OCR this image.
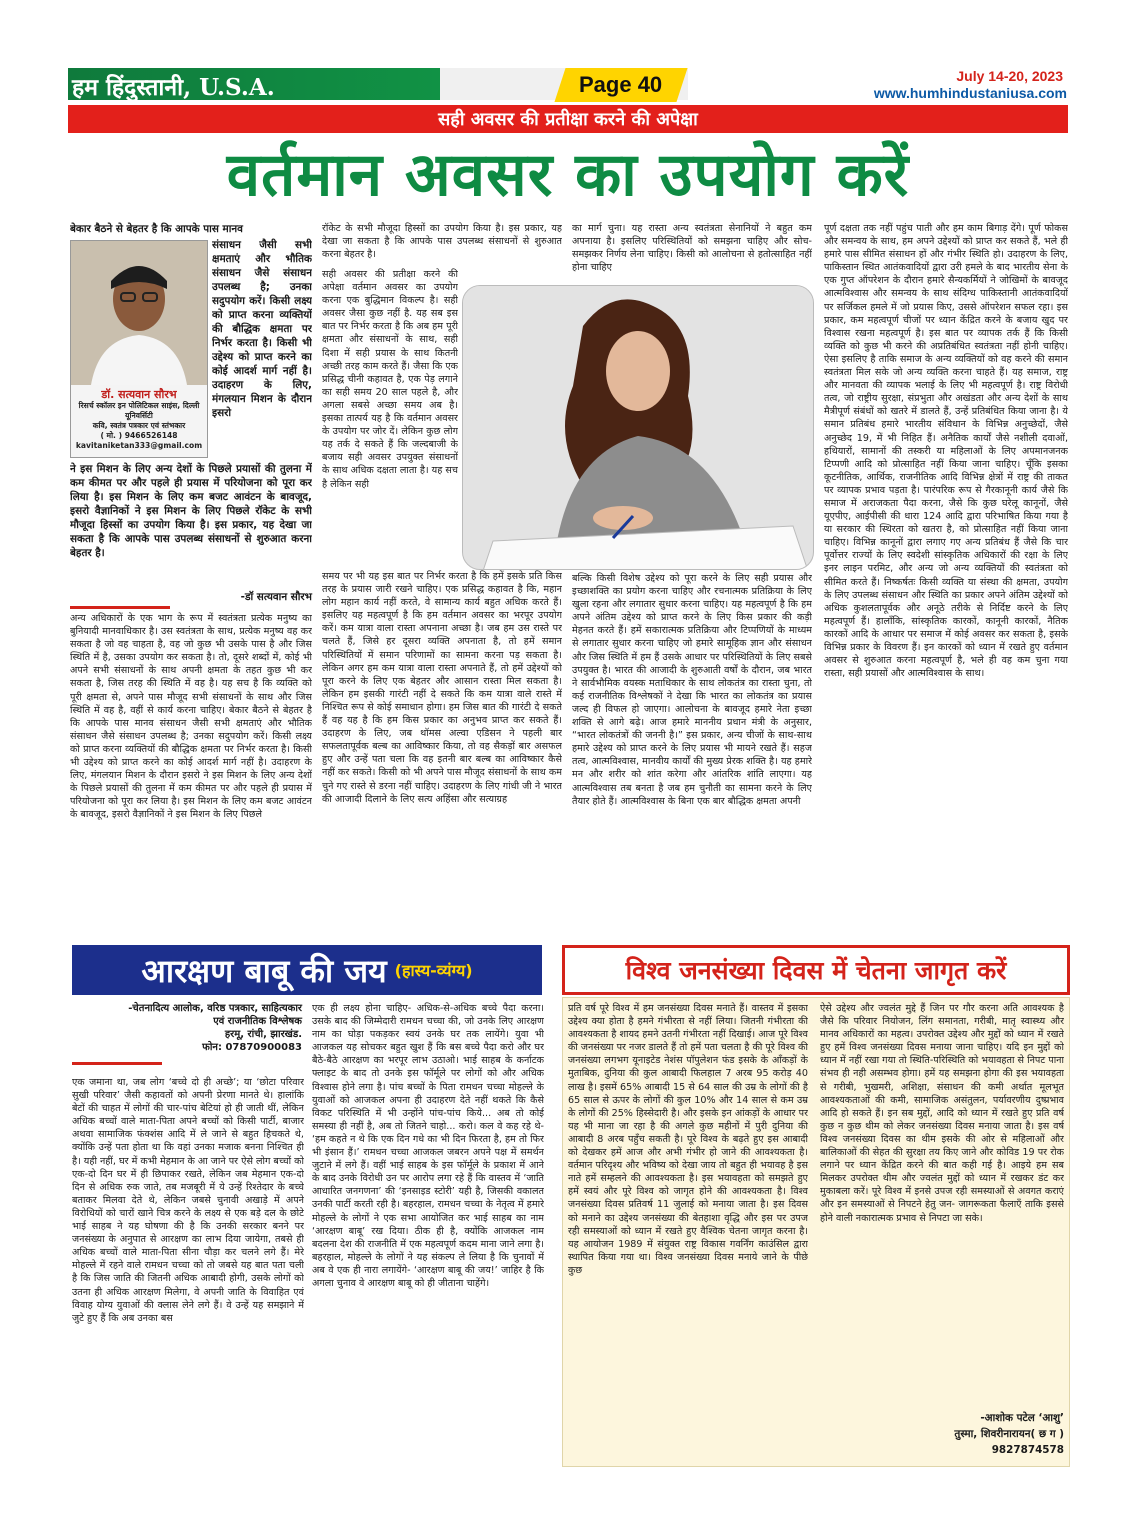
हम हिंदुस्तानी, U.S.A.	Page 40	July 14-20, 2023
www.humhindustaniusa.com
सही अवसर की प्रतीक्षा करने की अपेक्षा
वर्तमान अवसर का उपयोग करें
बेकार बैठने से बेहतर है कि आपके पास मानव
डॉ. सत्यवान सौरभ
रिसर्च स्कॉलर इन पोलिटिकल साइंस, दिल्ली यूनिवर्सिटी
कवि, स्वतंत्र पत्रकार एवं स्तंभकार
( मो. ) 9466526148
kavitaniketan333@gmail.com
संसाधन जैसी सभी क्षमताएं और भौतिक संसाधन जैसे संसाधन उपलब्ध है; उनका सदुपयोग करें। किसी लक्ष्य को प्राप्त करना व्यक्तियों की बौद्धिक क्षमता पर निर्भर करता है। किसी भी उद्देश्य को प्राप्त करने का कोई आदर्श मार्ग नहीं है। उदाहरण के लिए, मंगलयान मिशन के दौरान इसरो
ने इस मिशन के लिए अन्य देशों के पिछले प्रयासों की तुलना में कम कीमत पर और पहले ही प्रयास में परियोजना को पूरा कर लिया है। इस मिशन के लिए कम बजट आवंटन के बावजूद, इसरो वैज्ञानिकों ने इस मिशन के लिए पिछले रॉकेट के सभी मौजूदा हिस्सों का उपयोग किया है। इस प्रकार, यह देखा जा सकता है कि आपके पास उपलब्ध संसाधनों से शुरुआत करना बेहतर है।
-डॉ सत्यवान सौरभ
अन्य अधिकारों के एक भाग के रूप में स्वतंत्रता प्रत्येक मनुष्य का बुनियादी मानवाधिकार है। उस स्वतंत्रता के साथ, प्रत्येक मनुष्य वह कर सकता है जो वह चाहता है, वह जो कुछ भी उसके पास है और जिस स्थिति में है, उसका उपयोग कर सकता है। तो, दूसरे शब्दों में, कोई भी अपने सभी संसाधनों के साथ अपनी क्षमता के तहत कुछ भी कर सकता है, जिस तरह की स्थिति में वह है। यह सच है कि व्यक्ति को पूरी क्षमता से, अपने पास मौजूद सभी संसाधनों के साथ और जिस स्थिति में वह है, वहीं से कार्य करना चाहिए। बेकार बैठने से बेहतर है कि आपके पास मानव संसाधन जैसी सभी क्षमताएं और भौतिक संसाधन जैसे संसाधन उपलब्ध है; उनका सदुपयोग करें। किसी लक्ष्य को प्राप्त करना व्यक्तियों की बौद्धिक क्षमता पर निर्भर करता है। किसी भी उद्देश्य को प्राप्त करने का कोई आदर्श मार्ग नहीं है। उदाहरण के लिए, मंगलयान मिशन के दौरान इसरो ने इस मिशन के लिए अन्य देशों के पिछले प्रयासों की तुलना में कम कीमत पर और पहले ही प्रयास में परियोजना को पूरा कर लिया है। इस मिशन के लिए कम बजट आवंटन के बावजूद, इसरो वैज्ञानिकों ने इस मिशन के लिए पिछले
रॉकेट के सभी मौजूदा हिस्सों का उपयोग किया है। इस प्रकार, यह देखा जा सकता है कि आपके पास उपलब्ध संसाधनों से शुरुआत करना बेहतर है।
सही अवसर की प्रतीक्षा करने की अपेक्षा वर्तमान अवसर का उपयोग करना एक बुद्धिमान विकल्प है। सही अवसर जैसा कुछ नहीं है. यह सब इस बात पर निर्भर करता है कि अब हम पूरी क्षमता और संसाधनों के साथ, सही दिशा में सही प्रयास के साथ कितनी अच्छी तरह काम करते हैं। जैसा कि एक प्रसिद्ध चीनी कहावत है, एक पेड़ लगाने का सही समय 20 साल पहले है, और अगला सबसे अच्छा समय अब है। इसका तात्पर्य यह है कि वर्तमान अवसर के उपयोग पर जोर दें। लेकिन कुछ लोग यह तर्क दे सकते हैं कि जल्दबाजी के बजाय सही अवसर उपयुक्त संसाधनों के साथ अधिक दक्षता लाता है। यह सच है लेकिन सही
समय पर भी यह इस बात पर निर्भर करता है कि हमें इसके प्रति किस तरह के प्रयास जारी रखने चाहिए। एक प्रसिद्ध कहावत है कि, महान लोग महान कार्य नहीं करते, वे सामान्य कार्य बहुत अधिक करते हैं। इसलिए यह महत्वपूर्ण है कि हम वर्तमान अवसर का भरपूर उपयोग करें। कम यात्रा वाला रास्ता अपनाना अच्छा है। जब हम उस रास्ते पर चलते हैं, जिसे हर दूसरा व्यक्ति अपनाता है, तो हमें समान परिस्थितियों में समान परिणामों का सामना करना पड़ सकता है। लेकिन अगर हम कम यात्रा वाला रास्ता अपनाते हैं, तो हमें उद्देश्यों को पूरा करने के लिए एक बेहतर और आसान रास्ता मिल सकता है। लेकिन हम इसकी गारंटी नहीं दे सकते कि कम यात्रा वाले रास्ते में निश्चित रूप से कोई समाधान होगा। हम जिस बात की गारंटी दे सकते हैं वह यह है कि हम किस प्रकार का अनुभव प्राप्त कर सकते हैं। उदाहरण के लिए, जब थॉमस अल्वा एडिसन ने पहली बार सफलतापूर्वक बल्ब का आविष्कार किया, तो वह सैकड़ों बार असफल हुए और उन्हें पता चला कि वह इतनी बार बल्ब का आविष्कार कैसे नहीं कर सकते। किसी को भी अपने पास मौजूद संसाधनों के साथ कम चुने गए रास्ते से डरना नहीं चाहिए। उदाहरण के लिए गांधी जी ने भारत की आजादी दिलाने के लिए सत्य अहिंसा और सत्याग्रह
का मार्ग चुना। यह रास्ता अन्य स्वतंत्रता सेनानियों ने बहुत कम अपनाया है। इसलिए परिस्थितियों को समझना चाहिए और सोच-समझकर निर्णय लेना चाहिए। किसी को आलोचना से हतोत्साहित नहीं होना चाहिए
बल्कि किसी विशेष उद्देश्य को पूरा करने के लिए सही प्रयास और इच्छाशक्ति का प्रयोग करना चाहिए और रचनात्मक प्रतिक्रिया के लिए खुला रहना और लगातार सुधार करना चाहिए। यह महत्वपूर्ण है कि हम अपने अंतिम उद्देश्य को प्राप्त करने के लिए किस प्रकार की कड़ी मेहनत करते हैं। हमें सकारात्मक प्रतिक्रिया और टिप्पणियों के माध्यम से लगातार सुधार करना चाहिए जो हमारे सामूहिक ज्ञान और संसाधन और जिस स्थिति में हम हैं उसके आधार पर परिस्थितियों के लिए सबसे उपयुक्त है। भारत की आजादी के शुरुआती वर्षों के दौरान, जब भारत ने सार्वभौमिक वयस्क मताधिकार के साथ लोकतंत्र का रास्ता चुना, तो कई राजनीतिक विश्लेषकों ने देखा कि भारत का लोकतंत्र का प्रयास जल्द ही विफल हो जाएगा। आलोचना के बावजूद हमारे नेता इच्छा शक्ति से आगे बढ़े। आज हमारे माननीय प्रधान मंत्री के अनुसार, “भारत लोकतंत्रों की जननी है।” इस प्रकार, अन्य चीजों के साथ-साथ हमारे उद्देश्य को प्राप्त करने के लिए प्रयास भी मायने रखते हैं। सहज तत्व, आत्मविश्वास, मानवीय कार्यों की मुख्य प्रेरक शक्ति है। यह हमारे मन और शरीर को शांत करेगा और आंतरिक शांति लाएगा। यह आत्मविश्वास तब बनता है जब हम चुनौती का सामना करने के लिए तैयार होते हैं। आत्मविश्वास के बिना एक बार बौद्धिक क्षमता अपनी
पूर्ण दक्षता तक नहीं पहुंच पाती और हम काम बिगाड़ देंगे। पूर्ण फोकस और समन्वय के साथ, हम अपने उद्देश्यों को प्राप्त कर सकते हैं, भले ही हमारे पास सीमित संसाधन हों और गंभीर स्थिति हो। उदाहरण के लिए, पाकिस्तान स्थित आतंकवादियों द्वारा उरी हमले के बाद भारतीय सेना के एक गुप्त ऑपरेशन के दौरान हमारे सैन्यकर्मियों ने जोखिमों के बावजूद आत्मविश्वास और समन्वय के साथ संदिग्ध पाकिस्तानी आतंकवादियों पर सर्जिकल हमले में जो प्रयास किए, उससे ऑपरेशन सफल रहा। इस प्रकार, कम महत्वपूर्ण चीजों पर ध्यान केंद्रित करने के बजाय खुद पर विश्वास रखना महत्वपूर्ण है। इस बात पर व्यापक तर्क हैं कि किसी व्यक्ति को कुछ भी करने की अप्रतिबंधित स्वतंत्रता नहीं होनी चाहिए। ऐसा इसलिए है ताकि समाज के अन्य व्यक्तियों को वह करने की समान स्वतंत्रता मिल सके जो अन्य व्यक्ति करना चाहते हैं। यह समाज, राष्ट्र और मानवता की व्यापक भलाई के लिए भी महत्वपूर्ण है। राष्ट्र विरोधी तत्व, जो राष्ट्रीय सुरक्षा, संप्रभुता और अखंडता और अन्य देशों के साथ मैत्रीपूर्ण संबंधों को खतरे में डालते हैं, उन्हें प्रतिबंधित किया जाना है। ये समान प्रतिबंध हमारे भारतीय संविधान के विभिन्न अनुच्छेदों, जैसे अनुच्छेद 19, में भी निहित हैं। अनैतिक कार्यों जैसे नशीली दवाओं, हथियारों, सामानों की तस्करी या महिलाओं के लिए अपमानजनक टिप्पणी आदि को प्रोत्साहित नहीं किया जाना चाहिए। चूँकि इसका कूटनीतिक, आर्थिक, राजनीतिक आदि विभिन्न क्षेत्रों में राष्ट्र की ताकत पर व्यापक प्रभाव पड़ता है। पारंपरिक रूप से गैरकानूनी कार्य जैसे कि समाज में अराजकता पैदा करना, जैसे कि कुछ घरेलू कानूनों, जैसे यूएपीए, आईपीसी की धारा 124 आदि द्वारा परिभाषित किया गया है या सरकार की स्थिरता को खतरा है, को प्रोत्साहित नहीं किया जाना चाहिए। विभिन्न कानूनों द्वारा लगाए गए अन्य प्रतिबंध हैं जैसे कि चार पूर्वोत्तर राज्यों के लिए स्वदेशी सांस्कृतिक अधिकारों की रक्षा के लिए इनर लाइन परमिट, और अन्य जो अन्य व्यक्तियों की स्वतंत्रता को सीमित करते हैं। निष्कर्षतः किसी व्यक्ति या संस्था की क्षमता, उपयोग के लिए उपलब्ध संसाधन और स्थिति का प्रकार अपने अंतिम उद्देश्यों को अधिक कुशलतापूर्वक और अनूठे तरीके से निर्दिष्ट करने के लिए महत्वपूर्ण हैं। हालाँकि, सांस्कृतिक कारकों, कानूनी कारकों, नैतिक कारकों आदि के आधार पर समाज में कोई अवसर कर सकता है, इसके विभिन्न प्रकार के विवरण हैं। इन कारकों को ध्यान में रखते हुए वर्तमान अवसर से शुरुआत करना महत्वपूर्ण है, भले ही वह कम चुना गया रास्ता, सही प्रयासों और आत्मविश्वास के साथ।
आरक्षण बाबू की जय (हास्य-व्यंग्य)
-चेतनादित्य आलोक, वरिष्ठ पत्रकार, साहित्यकार
एवं राजनीतिक विश्लेषक
हरमू, रांची, झारखंड.
फोन: 07870900083
एक जमाना था, जब लोग ‘बच्चे दो ही अच्छे’; या ‘छोटा परिवार सुखी परिवार’ जैसी कहावतों को अपनी प्रेरणा मानते थे। हालांकि बेटों की चाहत में लोगों की चार-पांच बेटियां हो ही जाती थीं, लेकिन अधिक बच्चों वाले माता-पिता अपने बच्चों को किसी पार्टी, बाजार अथवा सामाजिक फंक्शंस आदि में ले जाने से बहुत हिचकते थे, क्योंकि उन्हें पता होता था कि वहां उनका मजाक बनना निश्चित ही है। यही नहीं, घर में कभी मेहमान के आ जाने पर ऐसे लोग बच्चों को एक-दो दिन घर में ही छिपाकर रखते, लेकिन जब मेहमान एक-दो दिन से अधिक रुक जाते, तब मजबूरी में ये उन्हें रिश्तेदार के बच्चे बताकर मिलवा देते थे, लेकिन जबसे चुनावी अखाड़े में अपने विरोधियों को चारों खाने चित्र करने के लक्ष्य से एक बड़े दल के छोटे भाई साहब ने यह घोषणा की है कि उनकी सरकार बनने पर जनसंख्या के अनुपात से आरक्षण का लाभ दिया जायेगा, तबसे ही अधिक बच्चों वाले माता-पिता सीना चौड़ा कर चलने लगे हैं। मेरे मोहल्ले में रहने वाले रामधन चच्चा को तो जबसे यह बात पता चली है कि जिस जाति की जितनी अधिक आबादी होगी, उसके लोगों को उतना ही अधिक आरक्षण मिलेगा, वे अपनी जाति के विवाहित एवं विवाह योग्य युवाओं की क्लास लेने लगे हैं। वे उन्हें यह समझाने में जुटे हुए हैं कि अब उनका बस
एक ही लक्ष्य होना चाहिए- अधिक-से-अधिक बच्चे पैदा करना। उसके बाद की जिम्मेदारी रामधन चच्चा की, जो उनके लिए आरक्षण नाम का घोड़ा पकड़कर स्वयं उनके घर तक लायेंगे। युवा भी आजकल यह सोचकर बहुत खुश हैं कि बस बच्चे पैदा करो और घर बैठे-बैठे आरक्षण का भरपूर लाभ उठाओ। भाई साहब के कर्नाटक फ्लाइट के बाद तो उनके इस फॉर्मूले पर लोगों को और अधिक विश्वास होने लगा है। पांच बच्चों के पिता रामधन चच्चा मोहल्ले के युवाओं को आजकल अपना ही उदाहरण देते नहीं थकते कि कैसे विकट परिस्थिति में भी उन्होंने पांच-पांच किये... अब तो कोई समस्या ही नहीं है, अब तो जितने चाहो... करो। कल वे कह रहे थे- ‘हम कहते न थे कि एक दिन गधे का भी दिन फिरता है, हम तो फिर भी इंसान हैं।’ रामधन चच्चा आजकल जबरन अपने पक्ष में समर्थन जुटाने में लगे हैं। वहीं भाई साहब के इस फॉर्मूले के प्रकाश में आने के बाद उनके विरोधी उन पर आरोप लगा रहे हैं कि वास्तव में ‘जाति आधारित जनगणना’ की ‘इनसाइड स्टोरी’ यही है, जिसकी वकालत उनकी पार्टी करती रही है। बहरहाल, रामधन चच्चा के नेतृत्व में हमारे मोहल्ले के लोगों ने एक सभा आयोजित कर भाई साहब का नाम ‘आरक्षण बाबू’ रख दिया। ठीक ही है, क्योंकि आजकल नाम बदलना देश की राजनीति में एक महत्वपूर्ण कदम माना जाने लगा है। बहरहाल, मोहल्ले के लोगों ने यह संकल्प ले लिया है कि चुनावों में अब वे एक ही नारा लगायेंगे- ‘आरक्षण बाबू की जय!’ जाहिर है कि अगला चुनाव वे आरक्षण बाबू को ही जीताना चाहेंगे।
विश्व जनसंख्या दिवस में चेतना जागृत करें
प्रति वर्ष पूरे विश्व में हम जनसंख्या दिवस मनाते हैं। वास्तव में इसका उद्देश्य क्या होता है हमने गंभीरता से नहीं लिया। जितनी गंभीरता की आवश्यकता है शायद हमने उतनी गंभीरता नहीं दिखाई। आज पूरे विश्व की जनसंख्या पर नजर डालते हैं तो हमें पता चलता है की पूरे विश्व की जनसंख्या लगभग यूनाइटेड नेशंस पॉपुलेशन फंड इसके के आँकड़ों के मुताबिक, दुनिया की कुल आबादी फिलहाल 7 अरब 95 करोड़ 40 लाख है। इसमें 65% आबादी 15 से 64 साल की उम्र के लोगों की है 65 साल से ऊपर के लोगों की कुल 10% और 14 साल से कम उम्र के लोगों की 25% हिस्सेदारी है। और इसके इन आंकड़ों के आधार पर यह भी माना जा रहा है की अगले कुछ महीनों में पुरी दुनिया की आबादी 8 अरब पहुँच सकती है। पूरे विश्व के बढ़ते हुए इस आबादी को देखकर हमें आज और अभी गंभीर हो जाने की आवश्यकता है। वर्तमान परिदृश्य और भविष्य को देखा जाय तो बहुत ही भयावह है इस नाते हमें सम्हलने की आवश्यकता है। इस भयावहता को समझते हुए हमें स्वयं और पूरे विश्व को जागृत होने की आवश्यकता है। विश्व जनसंख्या दिवस प्रतिवर्ष 11 जुलाई को मनाया जाता है। इस दिवस को मनाने का उद्देश्य जनसंख्या की बेतहाशा वृद्धि और इस पर उपज रही समस्याओं को ध्यान में रखते हुए वैश्विक चेतना जागृत करना है। यह आयोजन 1989 में संयुक्त राष्ट्र विकास गवर्निंग काउंसिल द्वारा स्थापित किया गया था। विश्व जनसंख्या दिवस मनाये जाने के पीछे कुछ
ऐसे उद्देश्य और ज्वलंत मुद्दे हैं जिन पर गौर करना अति आवश्यक है जैसे कि परिवार नियोजन, लिंग समानता, गरीबी, मातृ स्वास्थ्य और मानव अधिकारों का महत्व। उपरोक्त उद्देश्य और मुद्दों को ध्यान में रखते हुए हमें विश्व जनसंख्या दिवस मनाया जाना चाहिए। यदि इन मुद्दों को ध्यान में नहीं रखा गया तो स्थिति-परिस्थिति को भयावहता से निपट पाना संभव ही नही असम्भव होगा। हमें यह समझना होगा की इस भयावहता से गरीबी, भुखमरी, अशिक्षा, संसाधन की कमी अर्थात मूलभूत आवश्यकताओं की कमी, सामाजिक असंतुलन, पर्यावरणीय दुष्प्रभाव आदि हो सकते हैं। इन सब मुद्दों, आदि को ध्यान में रखते हुए प्रति वर्ष कुछ न कुछ थीम को लेकर जनसंख्या दिवस मनाया जाता है। इस वर्ष विश्व जनसंख्या दिवस का थीम इसके की ओर से महिलाओं और बालिकाओं की सेहत की सुरक्षा तय किए जाने और कोविड 19 पर रोक लगाने पर ध्यान केंद्रित करने की बात कही गई है। आइये हम सब मिलकर उपरोक्त थीम और ज्वलंत मुद्दों को ध्यान में रखकर डंट कर मुकाबला करें। पूरे विश्व में इनसे उपज रही समस्याओं से अवगत कराएं और इन समस्याओं से निपटने हेतु जन- जागरूकता फैलाएँ ताकि इससे होने वाली नकारात्मक प्रभाव से निपटा जा सके।
-आशोक पटेल ‘आशु’
तुस्मा, शिवरीनारायन( छ ग )
9827874578
